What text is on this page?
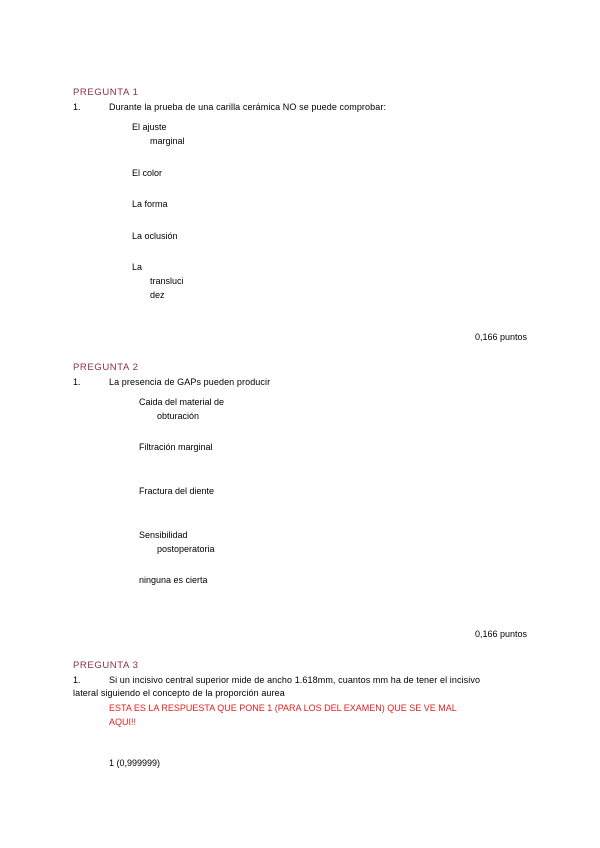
PREGUNTA 1
1.	Durante la prueba de una carilla cerámica NO se puede comprobar:
El ajuste
marginal
El color
La forma
La oclusión
La
transluci
dez
0,166 puntos
PREGUNTA 2
1.	La presencia de GAPs pueden producir
Caida del material de
obturación
Filtración marginal
Fractura del diente
Sensibilidad
postoperatoria
ninguna es cierta
0,166 puntos
PREGUNTA 3
1.	Si un incisivo central superior mide de ancho 1.618mm, cuantos mm ha de tener el incisivo
lateral siguiendo el concepto de la proporción aurea
ESTA ES LA RESPUESTA QUE PONE 1 (PARA LOS DEL EXAMEN) QUE SE VE MAL
AQUI!!
1 (0,999999)
